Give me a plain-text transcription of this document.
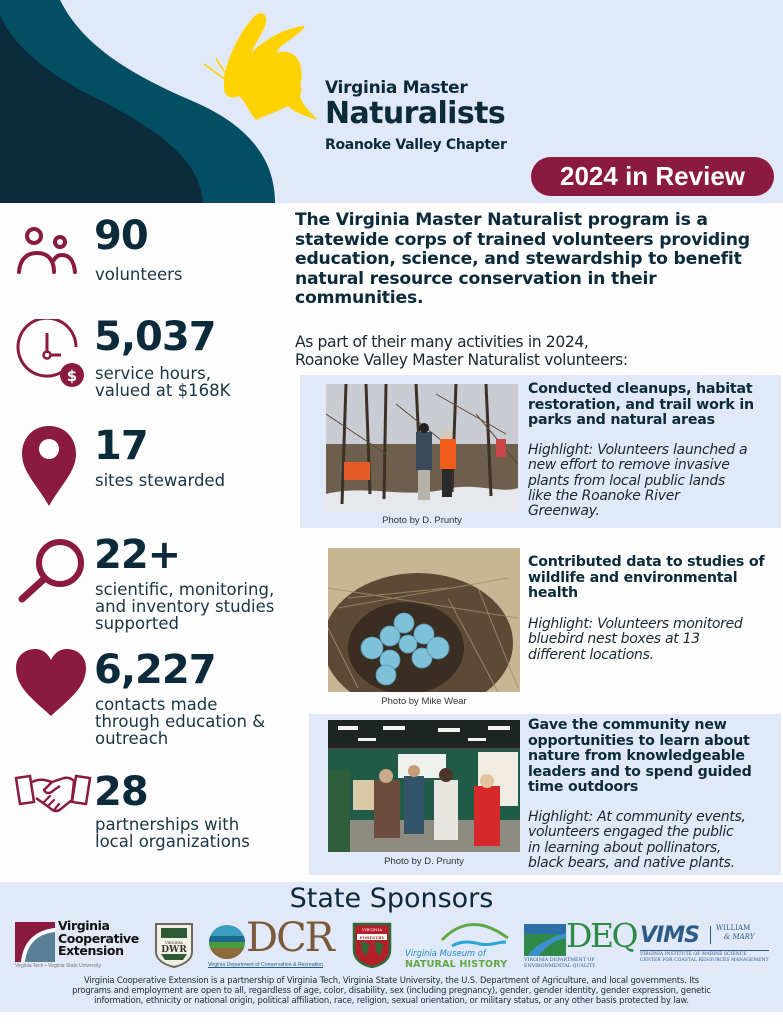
Virginia Master
Naturalists
Roanoke Valley Chapter
2024 in Review
90
volunteers
$
5,037
service hours,
valued at $168K
17
sites stewarded
22+
scientific, monitoring,
and inventory studies
supported
6,227
contacts made
through education &
outreach
28
partnerships with
local organizations
The Virginia Master Naturalist program is a
statewide corps of trained volunteers providing
education, science, and stewardship to benefit
natural resource conservation in their
communities.
As part of their many activities in 2024,
Roanoke Valley Master Naturalist volunteers:
Photo by D. Prunty
Conducted cleanups, habitat
restoration, and trail work in
parks and natural areas
Highlight: Volunteers launched a
new effort to remove invasive
plants from local public lands
like the Roanoke River
Greenway.
Photo by Mike Wear
Contributed data to studies of
wildlife and environmental
health
Highlight: Volunteers monitored
bluebird nest boxes at 13
different locations.
Photo by D. Prunty
Gave the community new
opportunities to learn about
nature from knowledgeable
leaders and to spend guided
time outdoors
Highlight: At community events,
volunteers engaged the public
in learning about pollinators,
black bears, and native plants.
State Sponsors
Virginia
Cooperative
Extension
Virginia Tech • Virginia State University
VIRGINIA
DWR DCR
Virginia Department of Conservation & Recreation
VIRGINIA
FORESTRY
Virginia Museum of
NATURAL HISTORY
DEQ
VIRGINIA DEPARTMENT OF
ENVIRONMENTAL QUALITY
VIMS WILLIAM
& MARY
VIRGINIA INSTITUTE OF MARINE SCIENCE
CENTER FOR COASTAL RESOURCES MANAGEMENT
Virginia Cooperative Extension is a partnership of Virginia Tech, Virginia State University, the U.S. Department of Agriculture, and local governments. Its
programs and employment are open to all, regardless of age, color, disability, sex (including pregnancy), gender, gender identity, gender expression, genetic
information, ethnicity or national origin, political affiliation, race, religion, sexual orientation, or military status, or any other basis protected by law.
